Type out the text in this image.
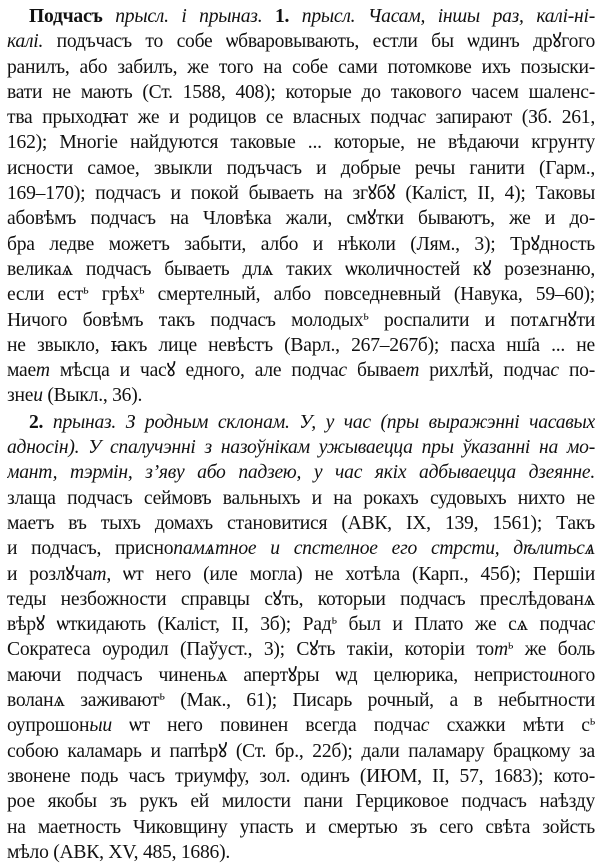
Подчасъ прысл. і прыназ. 1. прысл. Часам, іншы раз, калі-ні-
калі. подъчасъ то собе ѡбваровывають, естли бы ѡдинъ дрꙋгого
ранилъ, або забилъ, же того на собе сами потомкове ихъ позыски-
вати не мають (Ст. 1588, 408); которые до такового часем шаленс-
тва прыходꙗт же и родицов се власных подчас запирают (Зб. 261,
162); Многіе найдуются таковые ... которые, не вѣдаючи кгрунту
исности самое, звыкли подъчасъ и добрые речы ганити (Гарм.,
169–170); подчасъ и покой бываеть на згꙋбꙋ (Каліст, II, 4); Таковы
абовѣмъ подчасъ на Чловѣка жали, смꙋтки бываютъ, же и до-
бра ледве можетъ забыти, албо и нѣколи (Лям., 3); Трꙋдность
великаѧ подчасъ бываеть длѧ таких ѡколичностей кꙋ розезнаню,
если ест$^ь$ грѣх$^ь$ смертелный, албо повседневный (Навука, 59–60);
Ничого бовѣмъ такъ подчасъ молодых$^ь$ роспалити и потѧгнꙋти
не звыкло, ꙗкъ лице невѣстъ (Варл., 267–267б); пасха нш҃а ... не
мает мѣсца и часꙋ едного, але подчас бывает рихлѣй, подчас по-
знеи (Выкл., 36).
2. прыназ. З родным склонам. У, у час (пры выражэнні часавых
адносін). У спалучэнні з назоўнікам ужываецца пры ўказанні на мо-
мант, тэрмін, з’яву або падзею, у час якіх адбываецца дзеянне.
злаща подчасъ сеймовъ вальныхъ и на рокахъ судовыхъ нихто не
маетъ въ тыхъ домахъ становитися (АВК, IX, 139, 1561); Такъ
и подчасъ, приснопамѧтное и спстелное его стрсти, дѣлитьсѧ
и розлꙋчат, ѡт него (иле могла) не хотѣла (Карп., 45б); Першіи
теды незбожности справцы сꙋть, которыи подчасъ преслѣдованѧ
вѣрꙋ ѡткидають (Каліст, II, 3б); Рад$^ь$ был и Плато же сѧ подчас
Сократеса оуродил (Паўуст., 3); Сꙋть такіи, которіи тот$^ь$ же боль
маючи подчасъ чиненьѧ апертꙋры ѡд целюрика, непристоиного
воланѧ заживают$^ь$ (Мак., 61); Писарь рочный, а в небытности
оупрошоныи ѡт него повинен всегда подчас схажки мѣти $с^ь$
собою каламарь и папѣрꙋ (Ст. бр., 22б); дали паламару брацкому за
звонене подь часъ триумфу, зол. одинъ (ИЮМ, II, 57, 1683); кото-
рое якобы зъ рукъ ей милости пани Герциковое подчасъ наѣзду
на маетность Чиковщину упасть и смертью зъ сего свѣта зойсть
мѣло (АВК, XV, 485, 1686).
